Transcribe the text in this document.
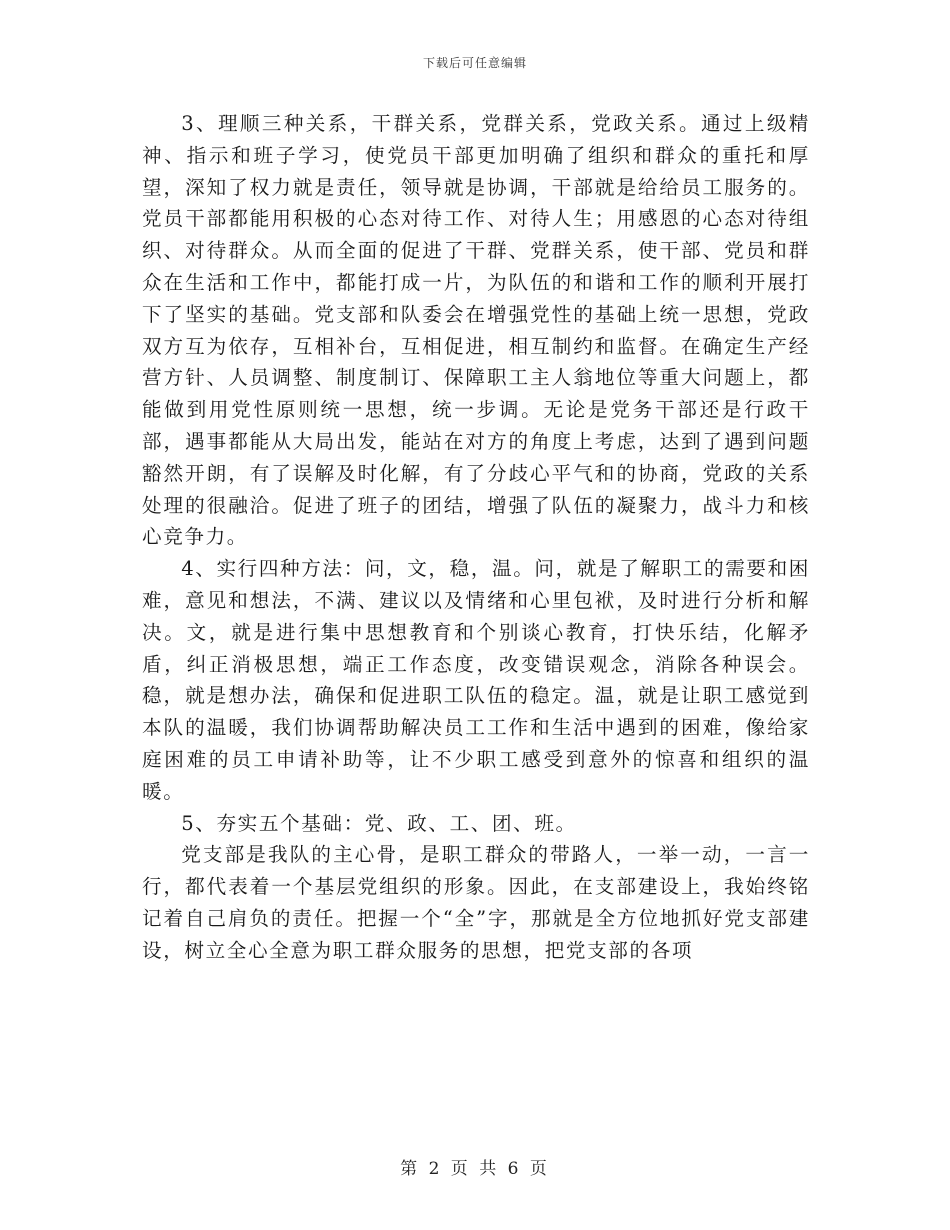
下载后可任意编辑

3、理顺三种关系，干群关系，党群关系，党政关系。通过上级精神、指示和班子学习，使党员干部更加明确了组织和群众的重托和厚望，深知了权力就是责任，领导就是协调，干部就是给给员工服务的。党员干部都能用积极的心态对待工作、对待人生；用感恩的心态对待组织、对待群众。从而全面的促进了干群、党群关系，使干部、党员和群众在生活和工作中，都能打成一片，为队伍的和谐和工作的顺利开展打下了坚实的基础。党支部和队委会在增强党性的基础上统一思想，党政双方互为依存，互相补台，互相促进，相互制约和监督。在确定生产经营方针、人员调整、制度制订、保障职工主人翁地位等重大问题上，都能做到用党性原则统一思想，统一步调。无论是党务干部还是行政干部，遇事都能从大局出发，能站在对方的角度上考虑，达到了遇到问题豁然开朗，有了误解及时化解，有了分歧心平气和的协商，党政的关系处理的很融洽。促进了班子的团结，增强了队伍的凝聚力，战斗力和核心竞争力。

4、实行四种方法：问，文，稳，温。问，就是了解职工的需要和困难，意见和想法，不满、建议以及情绪和心里包袱，及时进行分析和解决。文，就是进行集中思想教育和个别谈心教育，打快乐结，化解矛盾，纠正消极思想，端正工作态度，改变错误观念，消除各种误会。稳，就是想办法，确保和促进职工队伍的稳定。温，就是让职工感觉到本队的温暖，我们协调帮助解决员工工作和生活中遇到的困难，像给家庭困难的员工申请补助等，让不少职工感受到意外的惊喜和组织的温暖。

5、夯实五个基础：党、政、工、团、班。

党支部是我队的主心骨，是职工群众的带路人，一举一动，一言一行，都代表着一个基层党组织的形象。因此，在支部建设上，我始终铭记着自己肩负的责任。把握一个“全”字，那就是全方位地抓好党支部建设，树立全心全意为职工群众服务的思想，把党支部的各项

第 2 页 共 6 页
